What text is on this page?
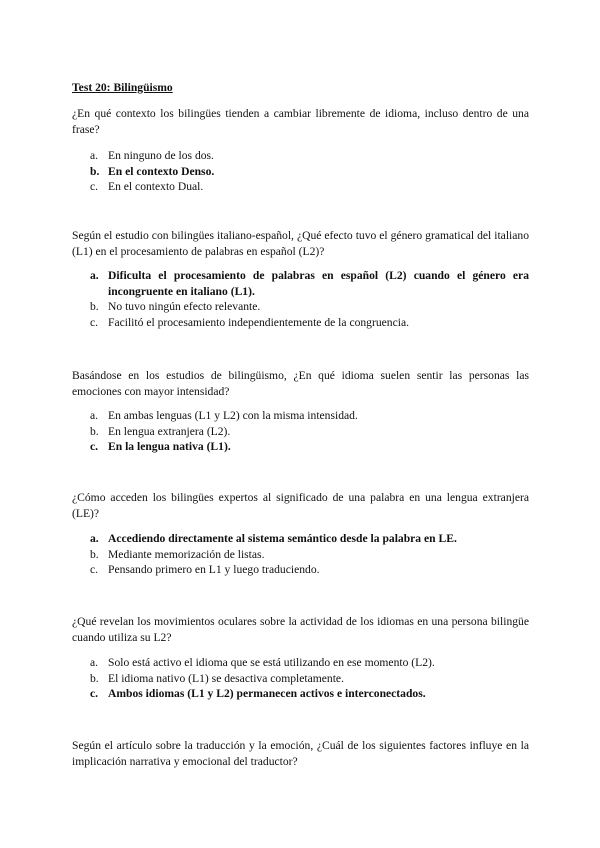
Test 20: Bilingüismo
¿En qué contexto los bilingües tienden a cambiar libremente de idioma, incluso dentro de una frase?
a. En ninguno de los dos.
b. En el contexto Denso.
c. En el contexto Dual.
Según el estudio con bilingües italiano-español, ¿Qué efecto tuvo el género gramatical del italiano (L1) en el procesamiento de palabras en español (L2)?
a. Dificulta el procesamiento de palabras en español (L2) cuando el género era incongruente en italiano (L1).
b. No tuvo ningún efecto relevante.
c. Facilitó el procesamiento independientemente de la congruencia.
Basándose en los estudios de bilingüismo, ¿En qué idioma suelen sentir las personas las emociones con mayor intensidad?
a. En ambas lenguas (L1 y L2) con la misma intensidad.
b. En lengua extranjera (L2).
c. En la lengua nativa (L1).
¿Cómo acceden los bilingües expertos al significado de una palabra en una lengua extranjera (LE)?
a. Accediendo directamente al sistema semántico desde la palabra en LE.
b. Mediante memorización de listas.
c. Pensando primero en L1 y luego traduciendo.
¿Qué revelan los movimientos oculares sobre la actividad de los idiomas en una persona bilingüe cuando utiliza su L2?
a. Solo está activo el idioma que se está utilizando en ese momento (L2).
b. El idioma nativo (L1) se desactiva completamente.
c. Ambos idiomas (L1 y L2) permanecen activos e interconectados.
Según el artículo sobre la traducción y la emoción, ¿Cuál de los siguientes factores influye en la implicación narrativa y emocional del traductor?
